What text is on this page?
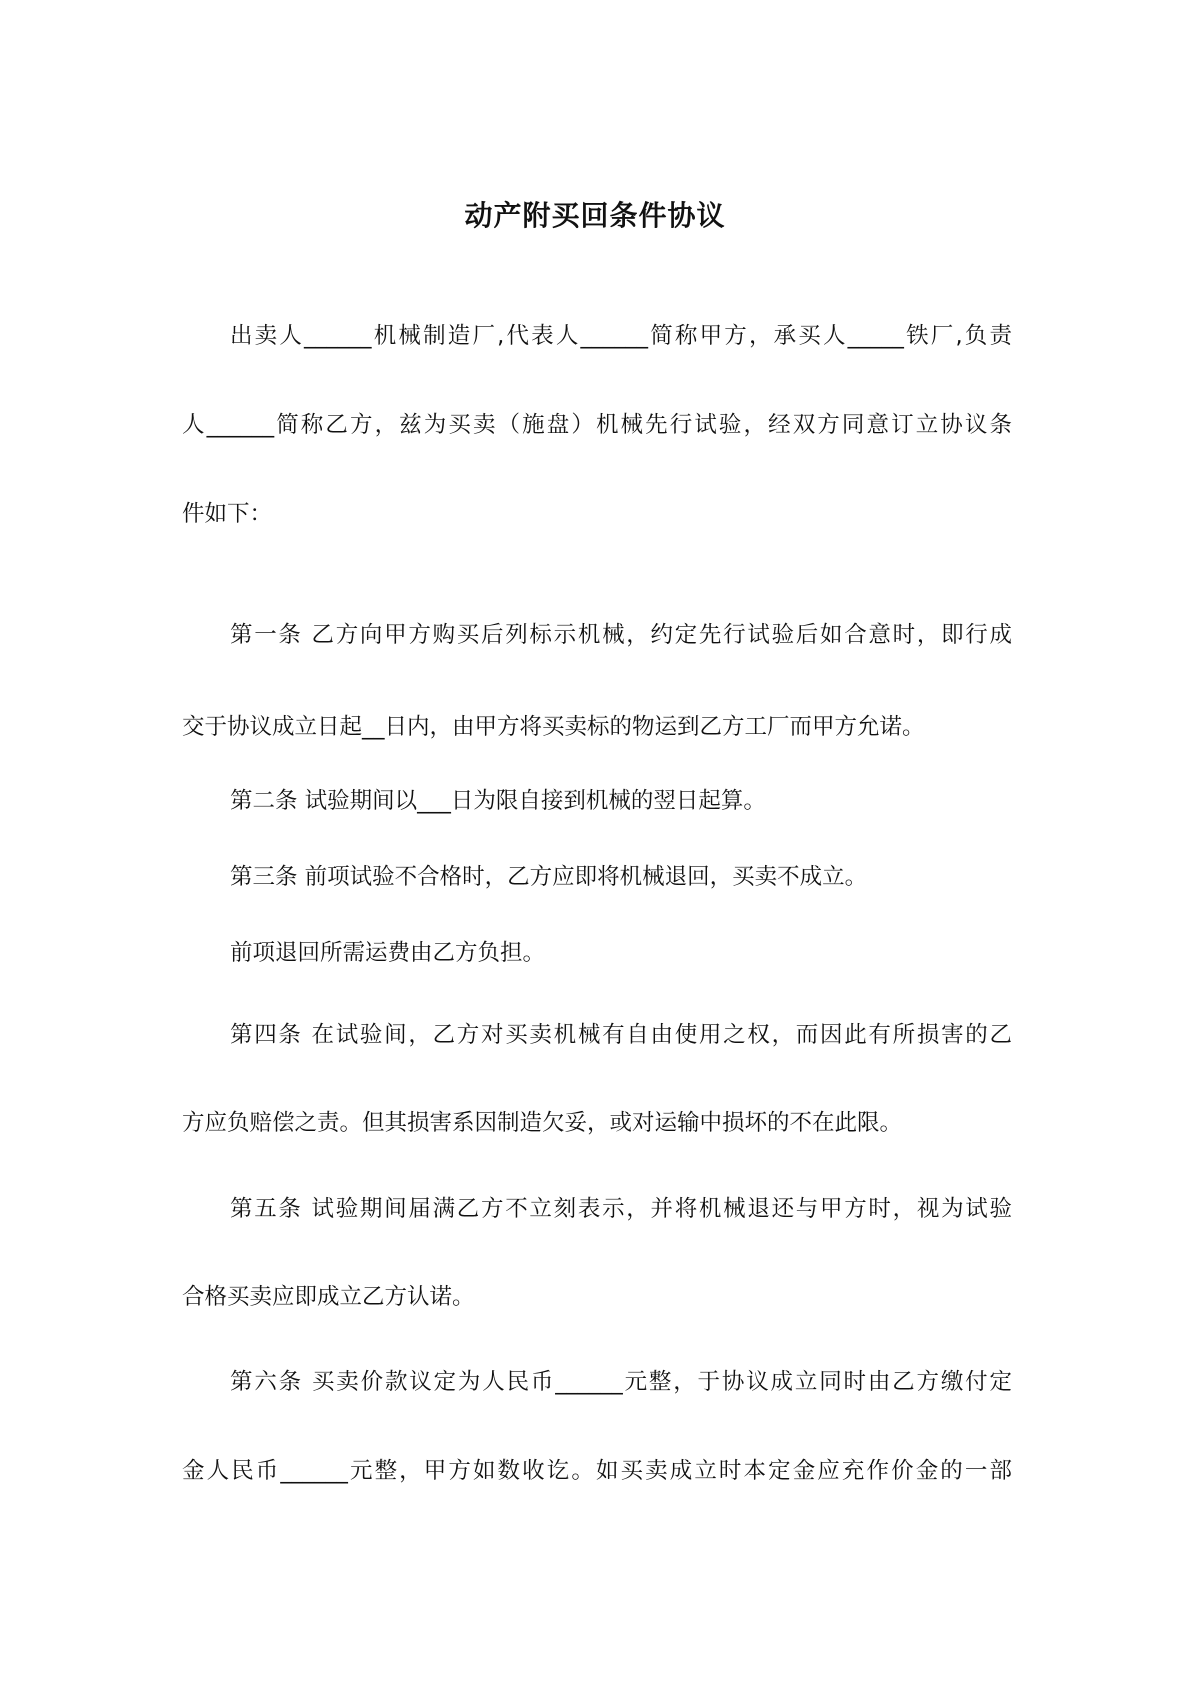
动产附买回条件协议
出卖人______机械制造厂,代表人______简称甲方，承买人_____铁厂,负责
人______简称乙方，兹为买卖（施盘）机械先行试验，经双方同意订立协议条
件如下：
第一条 乙方向甲方购买后列标示机械，约定先行试验后如合意时，即行成
交于协议成立日起__日内，由甲方将买卖标的物运到乙方工厂而甲方允诺。
第二条 试验期间以___日为限自接到机械的翌日起算。
第三条 前项试验不合格时，乙方应即将机械退回，买卖不成立。
前项退回所需运费由乙方负担。
第四条 在试验间，乙方对买卖机械有自由使用之权，而因此有所损害的乙
方应负赔偿之责。但其损害系因制造欠妥，或对运输中损坏的不在此限。
第五条 试验期间届满乙方不立刻表示，并将机械退还与甲方时，视为试验
合格买卖应即成立乙方认诺。
第六条 买卖价款议定为人民币______元整，于协议成立同时由乙方缴付定
金人民币______元整，甲方如数收讫。如买卖成立时本定金应充作价金的一部
